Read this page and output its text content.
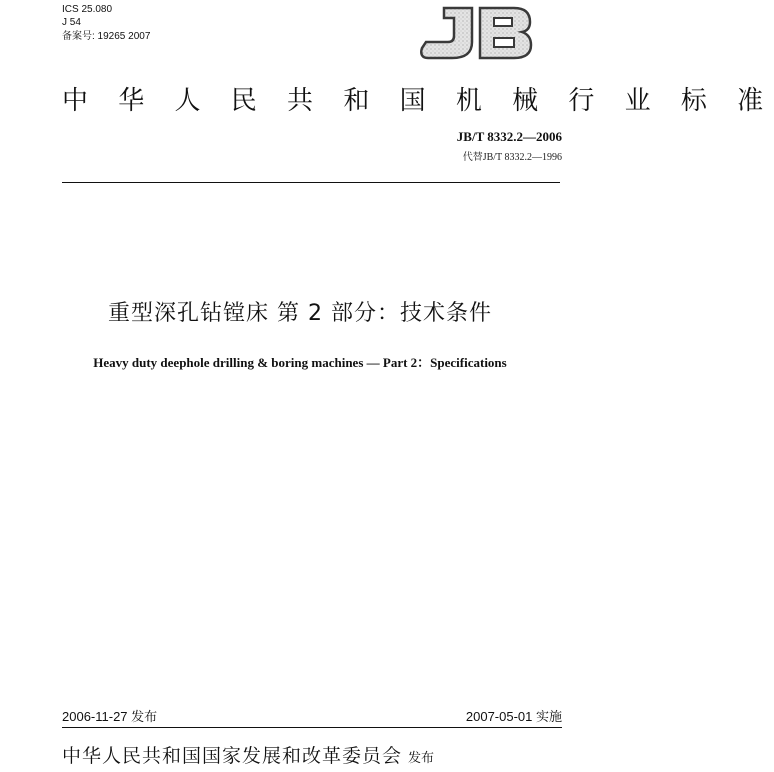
ICS 25.080
J 54
备案号: 19265 2007
中 华 人 民 共 和 国 机 械 行 业 标 准
JB/T 8332.2—2006
代替JB/T 8332.2—1996
重型深孔钻镗床 第 2 部分：技术条件
Heavy duty deephole drilling & boring machines — Part 2：Specifications
2006-11-27 发布	2007-05-01 实施
中华人民共和国国家发展和改革委员会 发布
